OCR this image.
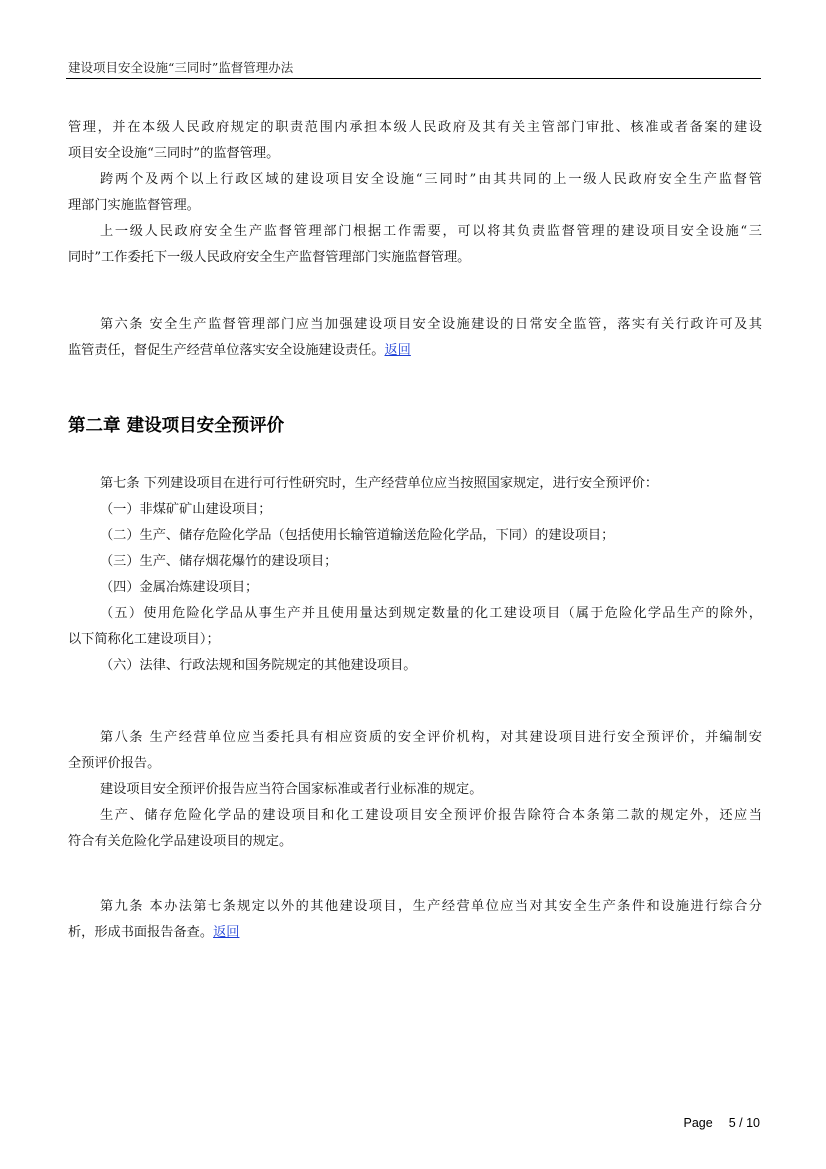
建设项目安全设施“三同时”监督管理办法

管理，并在本级人民政府规定的职责范围内承担本级人民政府及其有关主管部门审批、核准或者备案的建设

项目安全设施“三同时”的监督管理。

跨两个及两个以上行政区域的建设项目安全设施“三同时”由其共同的上一级人民政府安全生产监督管

理部门实施监督管理。

上一级人民政府安全生产监督管理部门根据工作需要，可以将其负责监督管理的建设项目安全设施“三

同时”工作委托下一级人民政府安全生产监督管理部门实施监督管理。

第六条 安全生产监督管理部门应当加强建设项目安全设施建设的日常安全监管，落实有关行政许可及其

监管责任，督促生产经营单位落实安全设施建设责任。返回

第二章 建设项目安全预评价

第七条 下列建设项目在进行可行性研究时，生产经营单位应当按照国家规定，进行安全预评价：

（一）非煤矿矿山建设项目；

（二）生产、储存危险化学品（包括使用长输管道输送危险化学品，下同）的建设项目；

（三）生产、储存烟花爆竹的建设项目；

（四）金属冶炼建设项目；

（五）使用危险化学品从事生产并且使用量达到规定数量的化工建设项目（属于危险化学品生产的除外，

以下简称化工建设项目）；

（六）法律、行政法规和国务院规定的其他建设项目。

第八条 生产经营单位应当委托具有相应资质的安全评价机构，对其建设项目进行安全预评价，并编制安

全预评价报告。

建设项目安全预评价报告应当符合国家标准或者行业标准的规定。

生产、储存危险化学品的建设项目和化工建设项目安全预评价报告除符合本条第二款的规定外，还应当

符合有关危险化学品建设项目的规定。

第九条 本办法第七条规定以外的其他建设项目，生产经营单位应当对其安全生产条件和设施进行综合分

析，形成书面报告备查。返回

Page 5 / 10
